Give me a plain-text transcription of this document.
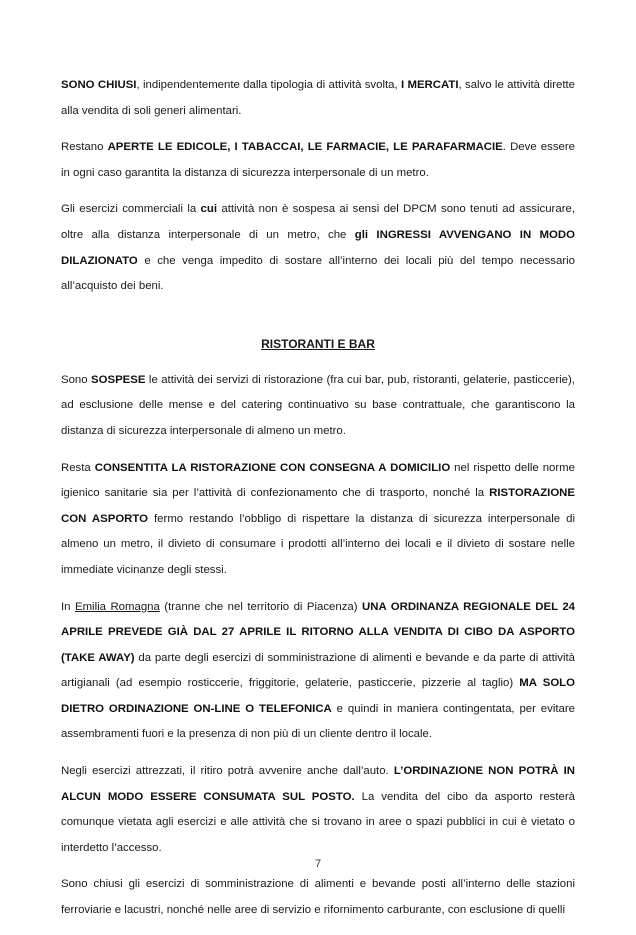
SONO CHIUSI, indipendentemente dalla tipologia di attività svolta, I MERCATI, salvo le attività dirette alla vendita di soli generi alimentari.

Restano APERTE LE EDICOLE, I TABACCAI, LE FARMACIE, LE PARAFARMACIE. Deve essere in ogni caso garantita la distanza di sicurezza interpersonale di un metro.

Gli esercizi commerciali la cui attività non è sospesa ai sensi del DPCM sono tenuti ad assicurare, oltre alla distanza interpersonale di un metro, che gli INGRESSI AVVENGANO IN MODO DILAZIONATO e che venga impedito di sostare all’interno dei locali più del tempo necessario all’acquisto dei beni.

RISTORANTI E BAR

Sono SOSPESE le attività dei servizi di ristorazione (fra cui bar, pub, ristoranti, gelaterie, pasticcerie), ad esclusione delle mense e del catering continuativo su base contrattuale, che garantiscono la distanza di sicurezza interpersonale di almeno un metro.

Resta CONSENTITA LA RISTORAZIONE CON CONSEGNA A DOMICILIO nel rispetto delle norme igienico sanitarie sia per l’attività di confezionamento che di trasporto, nonché la RISTORAZIONE CON ASPORTO fermo restando l’obbligo di rispettare la distanza di sicurezza interpersonale di almeno un metro, il divieto di consumare i prodotti all’interno dei locali e il divieto di sostare nelle immediate vicinanze degli stessi.

In Emilia Romagna (tranne che nel territorio di Piacenza) UNA ORDINANZA REGIONALE DEL 24 APRILE PREVEDE GIÀ DAL 27 APRILE IL RITORNO ALLA VENDITA DI CIBO DA ASPORTO (TAKE AWAY) da parte degli esercizi di somministrazione di alimenti e bevande e da parte di attività artigianali (ad esempio rosticcerie, friggitorie, gelaterie, pasticcerie, pizzerie al taglio) MA SOLO DIETRO ORDINAZIONE ON-LINE O TELEFONICA e quindi in maniera contingentata, per evitare assembramenti fuori e la presenza di non più di un cliente dentro il locale.

Negli esercizi attrezzati, il ritiro potrà avvenire anche dall’auto. L’ORDINAZIONE NON POTRÀ IN ALCUN MODO ESSERE CONSUMATA SUL POSTO. La vendita del cibo da asporto resterà comunque vietata agli esercizi e alle attività che si trovano in aree o spazi pubblici in cui è vietato o interdetto l’accesso.

Sono chiusi gli esercizi di somministrazione di alimenti e bevande posti all’interno delle stazioni ferroviarie e lacustri, nonché nelle aree di servizio e rifornimento carburante, con esclusione di quelli

7
